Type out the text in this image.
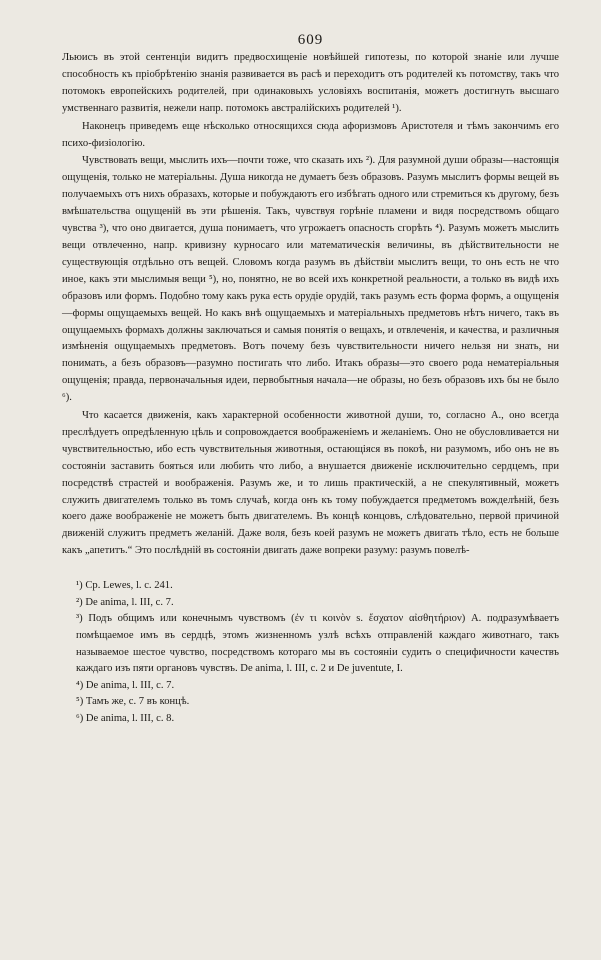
609

Льюисъ въ этой сентенціи видитъ предвосхищеніе новѣйшей гипотезы, по которой знаніе или лучше способность къ пріобрѣтенію знанія развивается въ расѣ и переходитъ отъ родителей къ потомству, такъ что потомокъ европейскихъ родителей, при одинаковыхъ условіяхъ воспитанія, можетъ достигнуть высшаго умственнаго развитія, нежели напр. потомокъ австралійскихъ родителей ¹).

Наконецъ приведемъ еще нѣсколько относящихся сюда афоризмовъ Аристотеля и тѣмъ закончимъ его психо-физіологію.

Чувствовать вещи, мыслить ихъ—почти тоже, что сказать ихъ ²). Для разумной души образы—настоящія ощущенія, только не матеріальны. Душа никогда не думаетъ безъ образовъ. Разумъ мыслитъ формы вещей въ получаемыхъ отъ нихъ образахъ, которые и побуждаютъ его избѣгать одного или стремиться къ другому, безъ вмѣшательства ощущеній въ эти рѣшенія. Такъ, чувствуя горѣніе пламени и видя посредствомъ общаго чувства ³), что оно двигается, душа понимаетъ, что угрожаетъ опасность сгорѣть ⁴). Разумъ можетъ мыслить вещи отвлеченно, напр. кривизну курносаго или математическія величины, въ дѣйствительности не существующія отдѣльно отъ вещей. Словомъ когда разумъ въ дѣйствіи мыслитъ вещи, то онъ есть не что иное, какъ эти мыслимыя вещи ⁵), но, понятно, не во всей ихъ конкретной реальности, а только въ видѣ ихъ образовъ или формъ. Подобно тому какъ рука есть орудіе орудій, такъ разумъ есть форма формъ, а ощущенія—формы ощущаемыхъ вещей. Но какъ внѣ ощущаемыхъ и матеріальныхъ предметовъ нѣтъ ничего, такъ въ ощущаемыхъ формахъ должны заключаться и самыя понятія о вещахъ, и отвлеченія, и качества, и различныя измѣненія ощущаемыхъ предметовъ. Вотъ почему безъ чувствительности ничего нельзя ни знать, ни понимать, а безъ образовъ—разумно постигать что либо. Итакъ образы—это своего рода нематеріальныя ощущенія; правда, первоначальныя идеи, первобытныя начала—не образы, но безъ образовъ ихъ бы не было ⁶).

Что касается движенія, какъ характерной особенности животной души, то, согласно А., оно всегда преслѣдуетъ опредѣленную цѣль и сопровождается воображеніемъ и желаніемъ. Оно не обусловливается ни чувствительностью, ибо есть чувствительныя животныя, остающіяся въ покоѣ, ни разумомъ, ибо онъ не въ состояніи заставить бояться или любить что либо, а внушается движеніе исключительно сердцемъ, при посредствѣ страстей и воображенія. Разумъ же, и то лишь практическій, а не спекулятивный, можетъ служить двигателемъ только въ томъ случаѣ, когда онъ къ тому побуждается предметомъ вожделѣній, безъ коего даже воображеніе не можетъ быть двигателемъ. Въ концѣ концовъ, слѣдовательно, первой причиной движеній служитъ предметъ желаній. Даже воля, безъ коей разумъ не можетъ двигать тѣло, есть не больше какъ „апетитъ.“ Это послѣдній въ состояніи двигать даже вопреки разуму: разумъ повелѣ-

¹) Ср. Lewes, l. c. 241.

²) De anima, l. III, c. 7.

³) Подъ общимъ или конечнымъ чувствомъ (ἐν τι κοινὸν s. ἔσχατον αἰσθητήριον) А. подразумѣваетъ помѣщаемое имъ въ сердцѣ, этомъ жизненномъ узлѣ всѣхъ отправленій каждаго животнаго, такъ называемое шестое чувство, посредствомъ котораго мы въ состояніи судить о специфичности качествъ каждаго изъ пяти органовъ чувствъ. De anima, l. III, c. 2 и De juventute, I.

⁴) De anima, l. III, c. 7.

⁵) Тамъ же, с. 7 въ концѣ.

⁶) De anima, l. III, c. 8.
